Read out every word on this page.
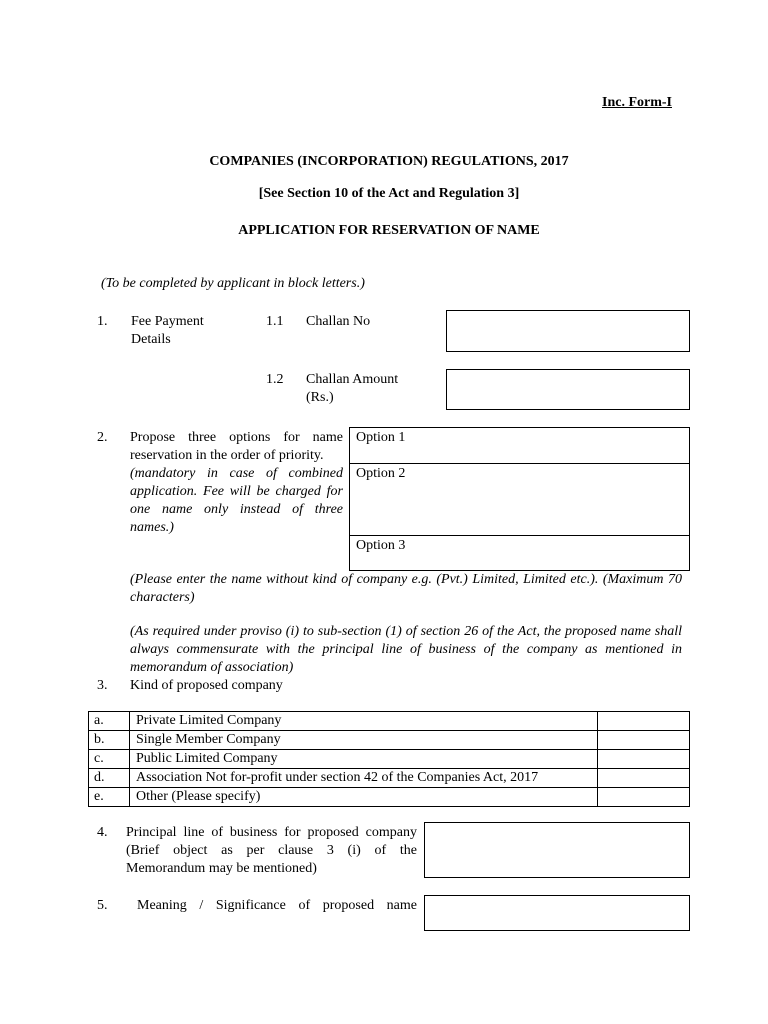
Inc. Form-I
COMPANIES (INCORPORATION) REGULATIONS, 2017
[See Section 10 of the Act and Regulation 3]
APPLICATION FOR RESERVATION OF NAME
(To be completed by applicant in block letters.)
1. Fee Payment Details
1.1 Challan No
1.2 Challan Amount (Rs.)
2. Propose three options for name reservation in the order of priority.
(mandatory in case of combined application. Fee will be charged for one name only instead of three names.)
Option 1
Option 2
Option 3
(Please enter the name without kind of company e.g. (Pvt.) Limited, Limited etc.). (Maximum 70 characters)
(As required under proviso (i) to sub-section (1) of section 26 of the Act, the proposed name shall always commensurate with the principal line of business of the company as mentioned in memorandum of association)
3. Kind of proposed company
a.	Private Limited Company	
b.	Single Member Company	
c.	Public Limited Company	
d.	Association Not for-profit under section 42 of the Companies Act, 2017	
e.	Other (Please specify)	
4. Principal line of business for proposed company (Brief object as per clause 3 (i) of the Memorandum may be mentioned)
5. Meaning / Significance of proposed name
